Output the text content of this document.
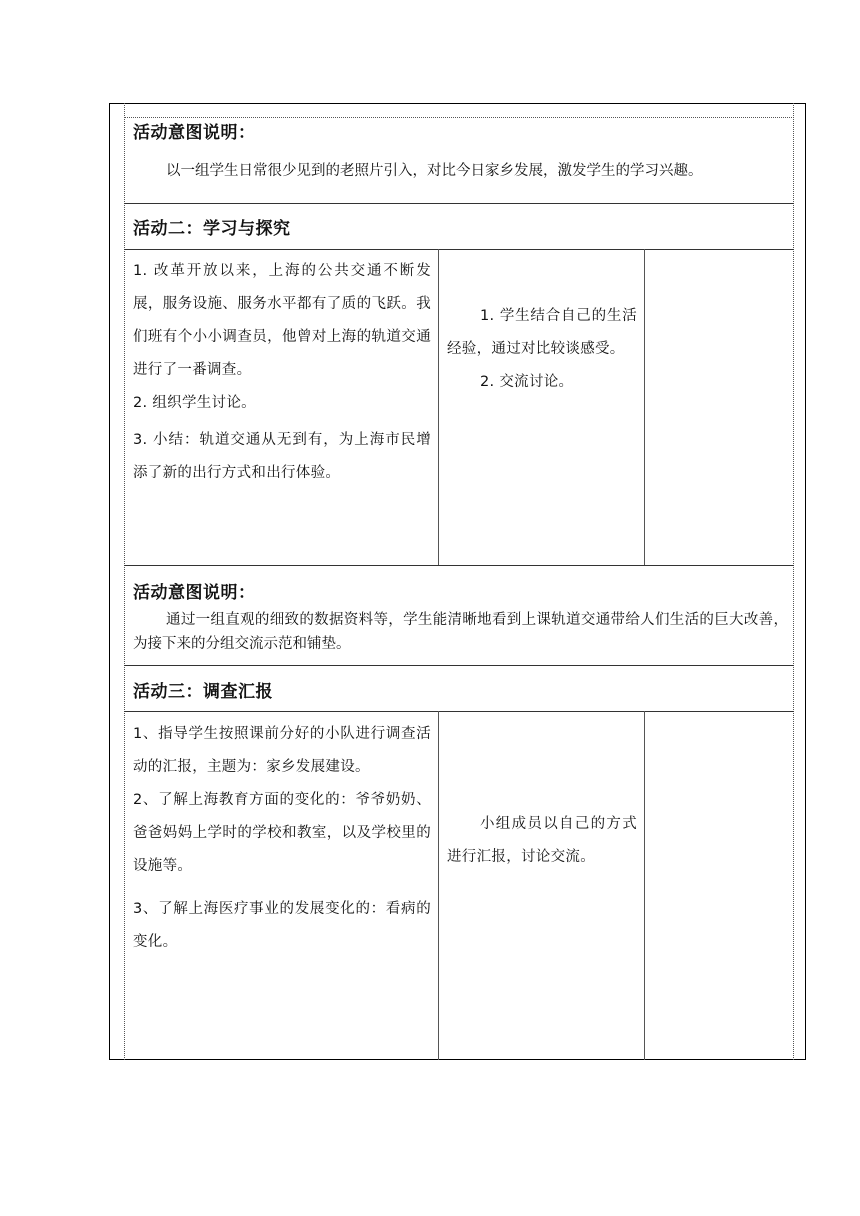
活动意图说明：
以一组学生日常很少见到的老照片引入，对比今日家乡发展，激发学生的学习兴趣。
活动二：学习与探究

1. 改革开放以来，上海的公共交通不断发展，服务设施、服务水平都有了质的飞跃。我们班有个小小调查员，他曾对上海的轨道交通进行了一番调查。

2. 组织学生讨论。

3. 小结：轨道交通从无到有，为上海市民增添了新的出行方式和出行体验。

1. 学生结合自己的生活经验，通过对比较谈感受。

2. 交流讨论。

活动意图说明：
通过一组直观的细致的数据资料等，学生能清晰地看到上课轨道交通带给人们生活的巨大改善，为接下来的分组交流示范和铺垫。
活动三：调查汇报

1、指导学生按照课前分好的小队进行调查活动的汇报，主题为：家乡发展建设。

2、了解上海教育方面的变化的：爷爷奶奶、爸爸妈妈上学时的学校和教室，以及学校里的设施等。

3、了解上海医疗事业的发展变化的：看病的变化。

小组成员以自己的方式进行汇报，讨论交流。
